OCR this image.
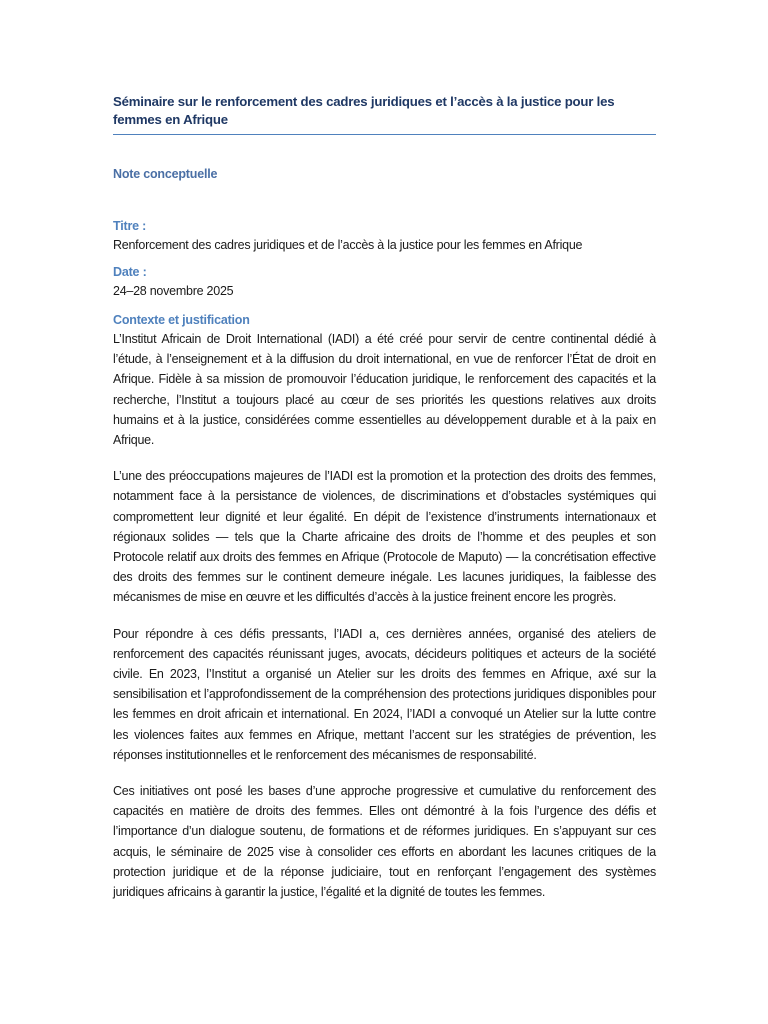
Séminaire sur le renforcement des cadres juridiques et l’accès à la justice pour les femmes en Afrique
Note conceptuelle

Titre :

Renforcement des cadres juridiques et de l’accès à la justice pour les femmes en Afrique

Date :

24–28 novembre 2025

Contexte et justification

L’Institut Africain de Droit International (IADI) a été créé pour servir de centre continental dédié à l’étude, à l’enseignement et à la diffusion du droit international, en vue de renforcer l’État de droit en Afrique. Fidèle à sa mission de promouvoir l’éducation juridique, le renforcement des capacités et la recherche, l’Institut a toujours placé au cœur de ses priorités les questions relatives aux droits humains et à la justice, considérées comme essentielles au développement durable et à la paix en Afrique.

L’une des préoccupations majeures de l’IADI est la promotion et la protection des droits des femmes, notamment face à la persistance de violences, de discriminations et d’obstacles systémiques qui compromettent leur dignité et leur égalité. En dépit de l’existence d’instruments internationaux et régionaux solides — tels que la Charte africaine des droits de l’homme et des peuples et son Protocole relatif aux droits des femmes en Afrique (Protocole de Maputo) — la concrétisation effective des droits des femmes sur le continent demeure inégale. Les lacunes juridiques, la faiblesse des mécanismes de mise en œuvre et les difficultés d’accès à la justice freinent encore les progrès.

Pour répondre à ces défis pressants, l’IADI a, ces dernières années, organisé des ateliers de renforcement des capacités réunissant juges, avocats, décideurs politiques et acteurs de la société civile. En 2023, l’Institut a organisé un Atelier sur les droits des femmes en Afrique, axé sur la sensibilisation et l’approfondissement de la compréhension des protections juridiques disponibles pour les femmes en droit africain et international. En 2024, l’IADI a convoqué un Atelier sur la lutte contre les violences faites aux femmes en Afrique, mettant l’accent sur les stratégies de prévention, les réponses institutionnelles et le renforcement des mécanismes de responsabilité.

Ces initiatives ont posé les bases d’une approche progressive et cumulative du renforcement des capacités en matière de droits des femmes. Elles ont démontré à la fois l’urgence des défis et l’importance d’un dialogue soutenu, de formations et de réformes juridiques. En s’appuyant sur ces acquis, le séminaire de 2025 vise à consolider ces efforts en abordant les lacunes critiques de la protection juridique et de la réponse judiciaire, tout en renforçant l’engagement des systèmes juridiques africains à garantir la justice, l’égalité et la dignité de toutes les femmes.
